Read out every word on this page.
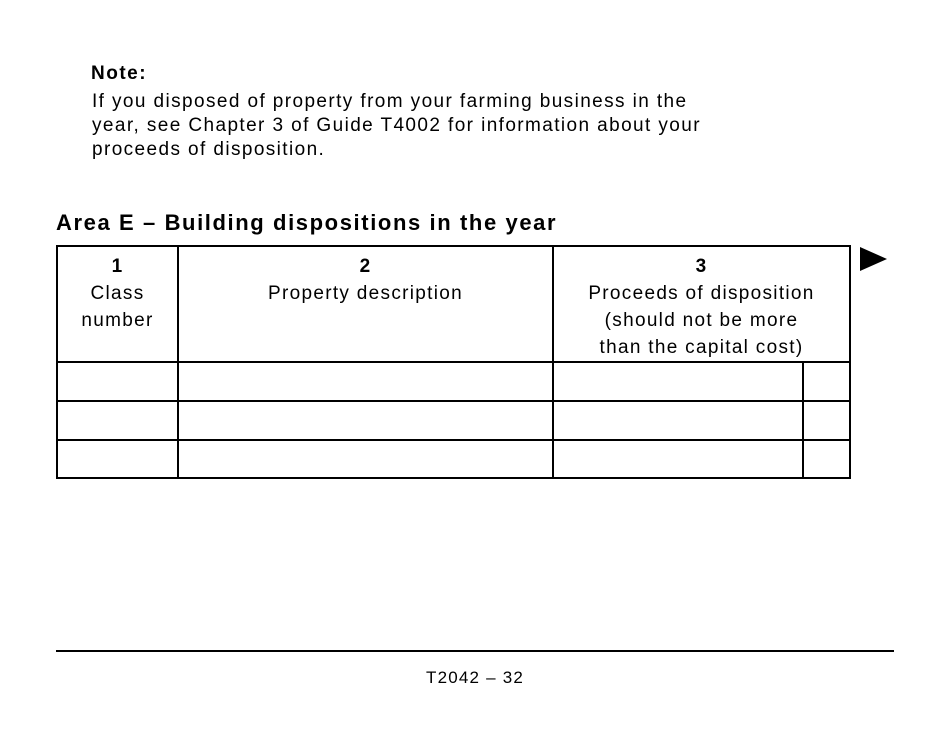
Note:

If you disposed of property from your farming business in the
year, see Chapter 3 of Guide T4002 for information about your
proceeds of disposition.
Area E – Building dispositions in the year
1
Class
number
2
Property description
3
Proceeds of disposition
(should not be more
than the capital cost)

T2042 – 32
